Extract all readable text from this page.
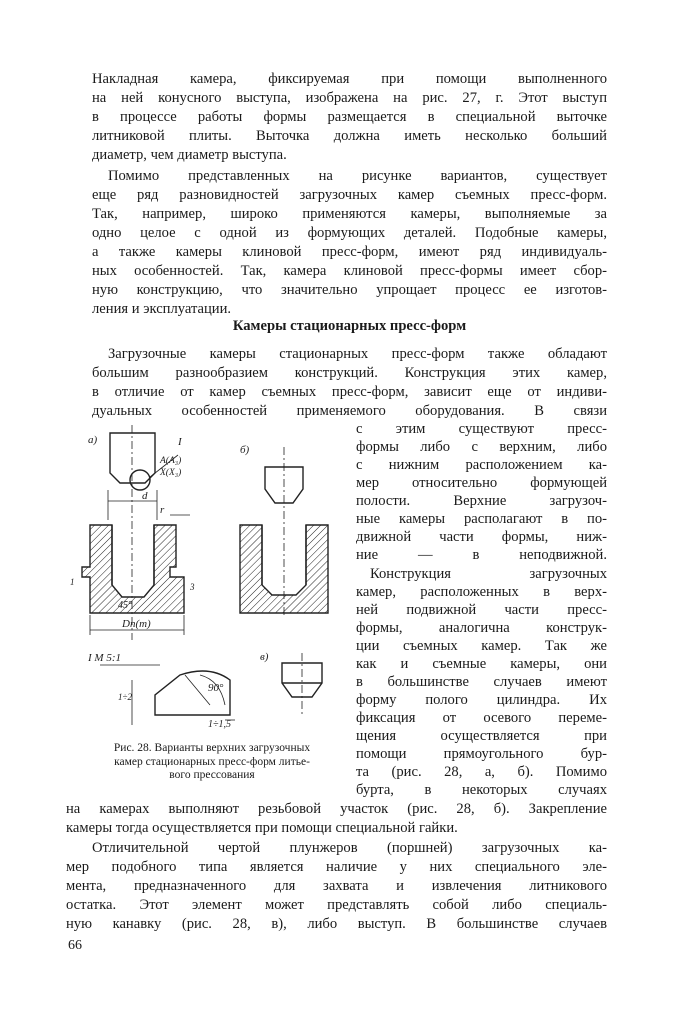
Накладная камера, фиксируемая при помощи выполненного
на ней конусного выступа, изображена на рис. 27, г. Этот выступ
в процессе работы формы размещается в специальной выточке
литниковой плиты. Выточка должна иметь несколько больший
диаметр, чем диаметр выступа.
Помимо представленных на рисунке вариантов, существует
еще ряд разновидностей загрузочных камер съемных пресс-форм.
Так, например, широко применяются камеры, выполняемые за
одно целое с одной из формующих деталей. Подобные камеры,
а также камеры клиновой пресс-форм, имеют ряд индивидуаль-
ных особенностей. Так, камера клиновой пресс-формы имеет сбор-
ную конструкцию, что значительно упрощает процесс ее изготов-
ления и эксплуатации.
Камеры стационарных пресс-форм
Загрузочные камеры стационарных пресс-форм также обладают
большим разнообразием конструкций. Конструкция этих камер,
в отличие от камер съемных пресс-форм, зависит еще от индиви-
дуальных особенностей применяемого оборудования. В связи
с этим существуют пресс-
формы либо с верхним, либо
с нижним расположением ка-
мер относительно формующей
полости. Верхние загрузоч-
ные камеры располагают в по-
движной части формы, ниж-
ние — в неподвижной.
Конструкция загрузочных
камер, расположенных в верх-
ней подвижной части пресс-
формы, аналогична конструк-
ции съемных камер. Так же
как и съемные камеры, они
в большинстве случаев имеют
форму полого цилиндра. Их
фиксация от осевого переме-
щения осуществляется при
помощи прямоугольного бур-
та (рис. 28, а, б). Помимо
бурта, в некоторых случаях
а)
б)
в)
I
A(A₃)
X(X₃)
d
r
45°
Dп(т)
I M 5:1
90°
1÷1,5
1÷2
3
1
Рис. 28. Варианты верхних загрузочных
камер стационарных пресс-форм литье-
вого прессования
на камерах выполняют резьбовой участок (рис. 28, б). Закрепление
камеры тогда осуществляется при помощи специальной гайки.
Отличительной чертой плунжеров (поршней) загрузочных ка-
мер подобного типа является наличие у них специального эле-
мента, предназначенного для захвата и извлечения литникового
остатка. Этот элемент может представлять собой либо специаль-
ную канавку (рис. 28, в), либо выступ. В большинстве случаев
66
